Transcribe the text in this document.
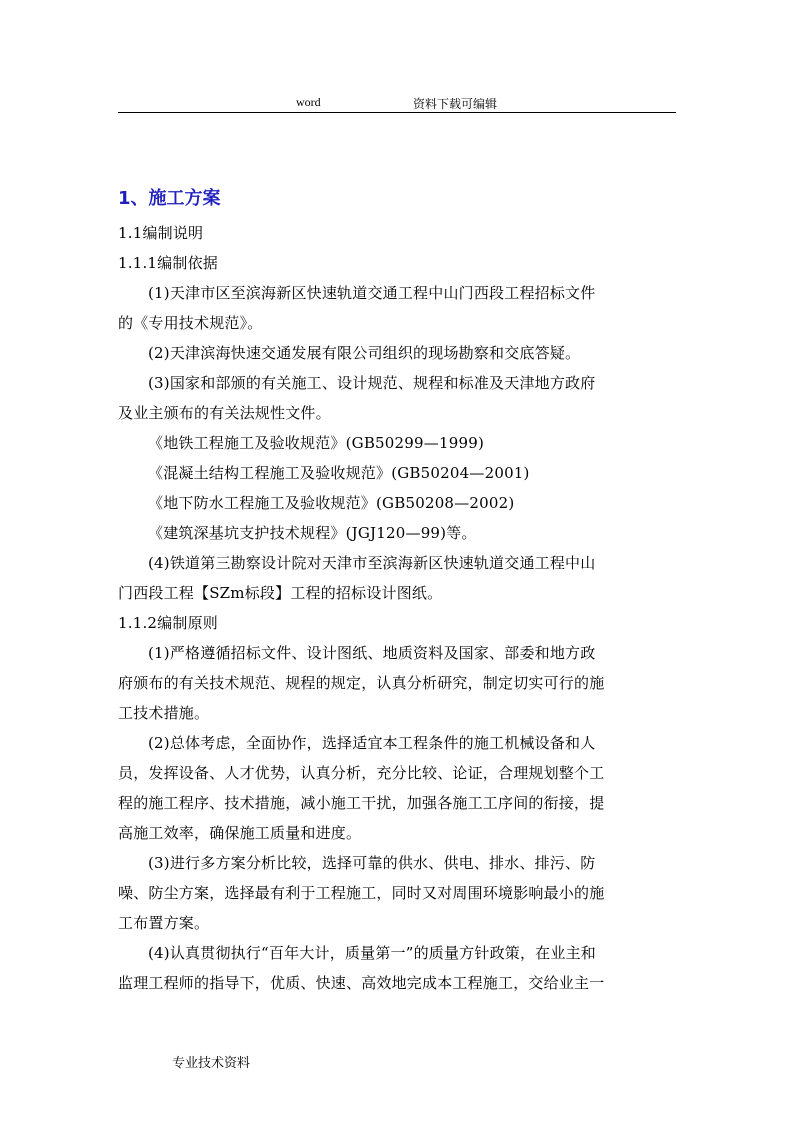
word	资料下载可编辑
1、施工方案
1.1编制说明
1.1.1编制依据
(1)天津市区至滨海新区快速轨道交通工程中山门西段工程招标文件
的《专用技术规范》。
(2)天津滨海快速交通发展有限公司组织的现场勘察和交底答疑。
(3)国家和部颁的有关施工、设计规范、规程和标准及天津地方政府
及业主颁布的有关法规性文件。
《地铁工程施工及验收规范》(GB50299—1999)
《混凝土结构工程施工及验收规范》(GB50204—2001)
《地下防水工程施工及验收规范》(GB50208—2002)
《建筑深基坑支护技术规程》(JGJ120—99)等。
(4)铁道第三勘察设计院对天津市至滨海新区快速轨道交通工程中山
门西段工程【SZm标段】工程的招标设计图纸。
1.1.2编制原则
(1)严格遵循招标文件、设计图纸、地质资料及国家、部委和地方政
府颁布的有关技术规范、规程的规定，认真分析研究，制定切实可行的施
工技术措施。
(2)总体考虑，全面协作，选择适宜本工程条件的施工机械设备和人
员，发挥设备、人才优势，认真分析，充分比较、论证，合理规划整个工
程的施工程序、技术措施，减小施工干扰，加强各施工工序间的衔接，提
高施工效率，确保施工质量和进度。
(3)进行多方案分析比较，选择可靠的供水、供电、排水、排污、防
噪、防尘方案，选择最有利于工程施工，同时又对周围环境影响最小的施
工布置方案。
(4)认真贯彻执行“百年大计，质量第一”的质量方针政策，在业主和
监理工程师的指导下，优质、快速、高效地完成本工程施工，交给业主一
专业技术资料
